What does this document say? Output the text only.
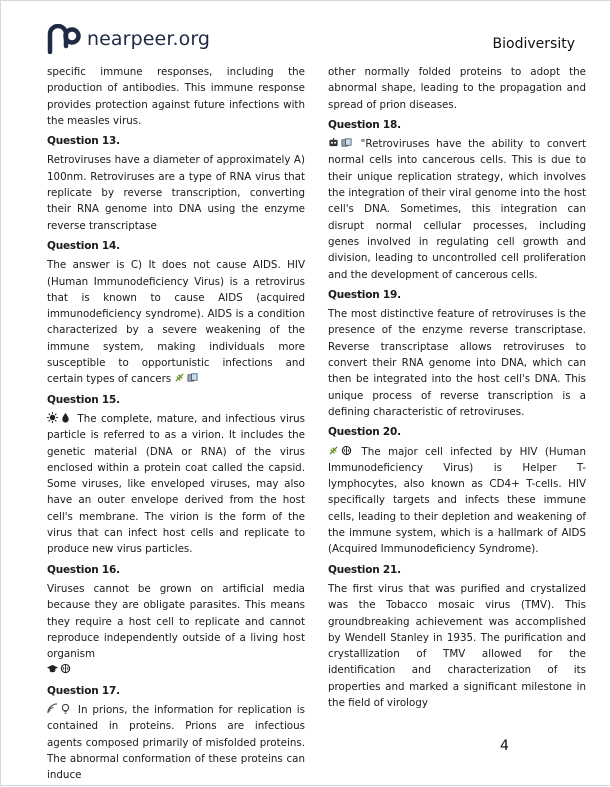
nearpeer.org	Biodiversity

specific immune responses, including the production of antibodies. This immune response provides protection against future infections with the measles virus.

Question 13.

Retroviruses have a diameter of approximately A) 100nm. Retroviruses are a type of RNA virus that replicate by reverse transcription, converting their RNA genome into DNA using the enzyme reverse transcriptase

Question 14.

The answer is C) It does not cause AIDS. HIV (Human Immunodeficiency Virus) is a retrovirus that is known to cause AIDS (acquired immunodeficiency syndrome). AIDS is a condition characterized by a severe weakening of the immune system, making individuals more susceptible to opportunistic infections and certain types of cancers

Question 15.

The complete, mature, and infectious virus particle is referred to as a virion. It includes the genetic material (DNA or RNA) of the virus enclosed within a protein coat called the capsid. Some viruses, like enveloped viruses, may also have an outer envelope derived from the host cell's membrane. The virion is the form of the virus that can infect host cells and replicate to produce new virus particles.

Question 16.

Viruses cannot be grown on artificial media because they are obligate parasites. This means they require a host cell to replicate and cannot reproduce independently outside of a living host organism

Question 17.

In prions, the information for replication is contained in proteins. Prions are infectious agents composed primarily of misfolded proteins. The abnormal conformation of these proteins can induce

other normally folded proteins to adopt the abnormal shape, leading to the propagation and spread of prion diseases.

Question 18.

"Retroviruses have the ability to convert normal cells into cancerous cells. This is due to their unique replication strategy, which involves the integration of their viral genome into the host cell's DNA. Sometimes, this integration can disrupt normal cellular processes, including genes involved in regulating cell growth and division, leading to uncontrolled cell proliferation and the development of cancerous cells.

Question 19.

The most distinctive feature of retroviruses is the presence of the enzyme reverse transcriptase. Reverse transcriptase allows retroviruses to convert their RNA genome into DNA, which can then be integrated into the host cell's DNA. This unique process of reverse transcription is a defining characteristic of retroviruses.

Question 20.

The major cell infected by HIV (Human Immunodeficiency Virus) is Helper T-lymphocytes, also known as CD4+ T-cells. HIV specifically targets and infects these immune cells, leading to their depletion and weakening of the immune system, which is a hallmark of AIDS (Acquired Immunodeficiency Syndrome).

Question 21.

The first virus that was purified and crystalized was the Tobacco mosaic virus (TMV). This groundbreaking achievement was accomplished by Wendell Stanley in 1935. The purification and crystallization of TMV allowed for the identification and characterization of its properties and marked a significant milestone in the field of virology

4
